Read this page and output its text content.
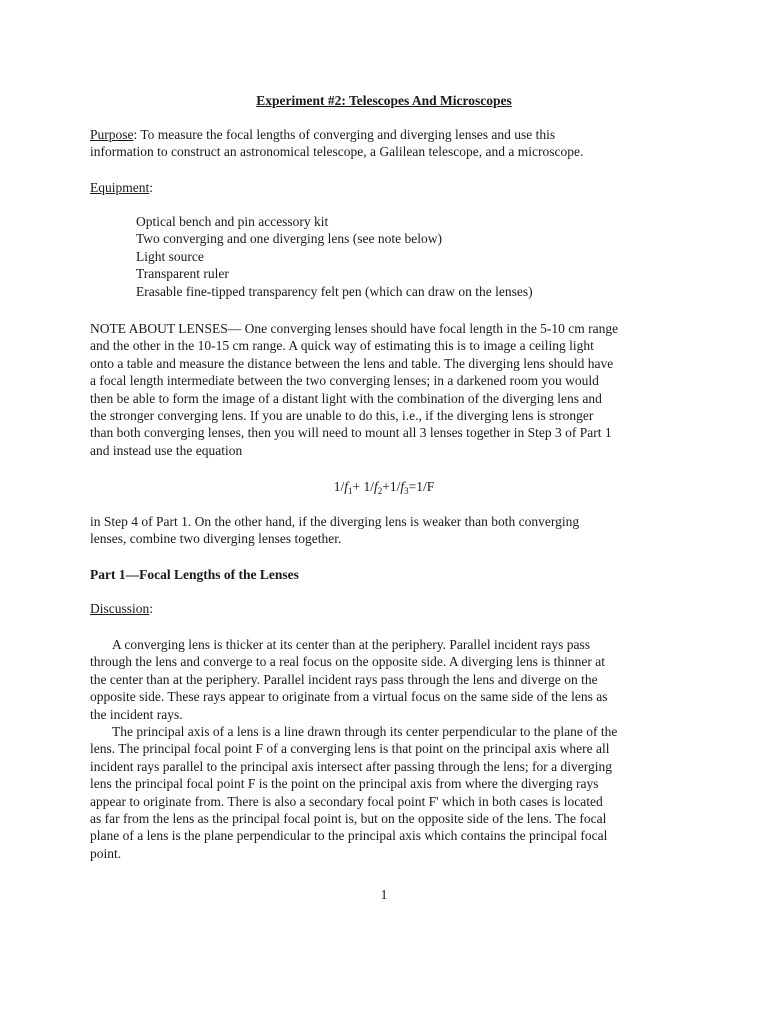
Experiment #2: Telescopes And Microscopes

Purpose: To measure the focal lengths of converging and diverging lenses and use this
information to construct an astronomical telescope, a Galilean telescope, and a microscope.

Equipment:

Optical bench and pin accessory kit
Two converging and one diverging lens (see note below)
Light source
Transparent ruler
Erasable fine-tipped transparency felt pen (which can draw on the lenses)
NOTE ABOUT LENSES— One converging lenses should have focal length in the 5-10 cm range
and the other in the 10-15 cm range. A quick way of estimating this is to image a ceiling light
onto a table and measure the distance between the lens and table. The diverging lens should have
a focal length intermediate between the two converging lenses; in a darkened room you would
then be able to form the image of a distant light with the combination of the diverging lens and
the stronger converging lens. If you are unable to do this, i.e., if the diverging lens is stronger
than both converging lenses, then you will need to mount all 3 lenses together in Step 3 of Part 1
and instead use the equation

$1/f_1+ 1/f_2+1/f_3=1/F$

in Step 4 of Part 1. On the other hand, if the diverging lens is weaker than both converging
lenses, combine two diverging lenses together.

Part 1—Focal Lengths of the Lenses

Discussion:

A converging lens is thicker at its center than at the periphery. Parallel incident rays pass
through the lens and converge to a real focus on the opposite side. A diverging lens is thinner at
the center than at the periphery. Parallel incident rays pass through the lens and diverge on the
opposite side. These rays appear to originate from a virtual focus on the same side of the lens as
the incident rays.
The principal axis of a lens is a line drawn through its center perpendicular to the plane of the
lens. The principal focal point F of a converging lens is that point on the principal axis where all
incident rays parallel to the principal axis intersect after passing through the lens; for a diverging
lens the principal focal point F is the point on the principal axis from where the diverging rays
appear to originate from. There is also a secondary focal point F' which in both cases is located
as far from the lens as the principal focal point is, but on the opposite side of the lens. The focal
plane of a lens is the plane perpendicular to the principal axis which contains the principal focal
point.

1
